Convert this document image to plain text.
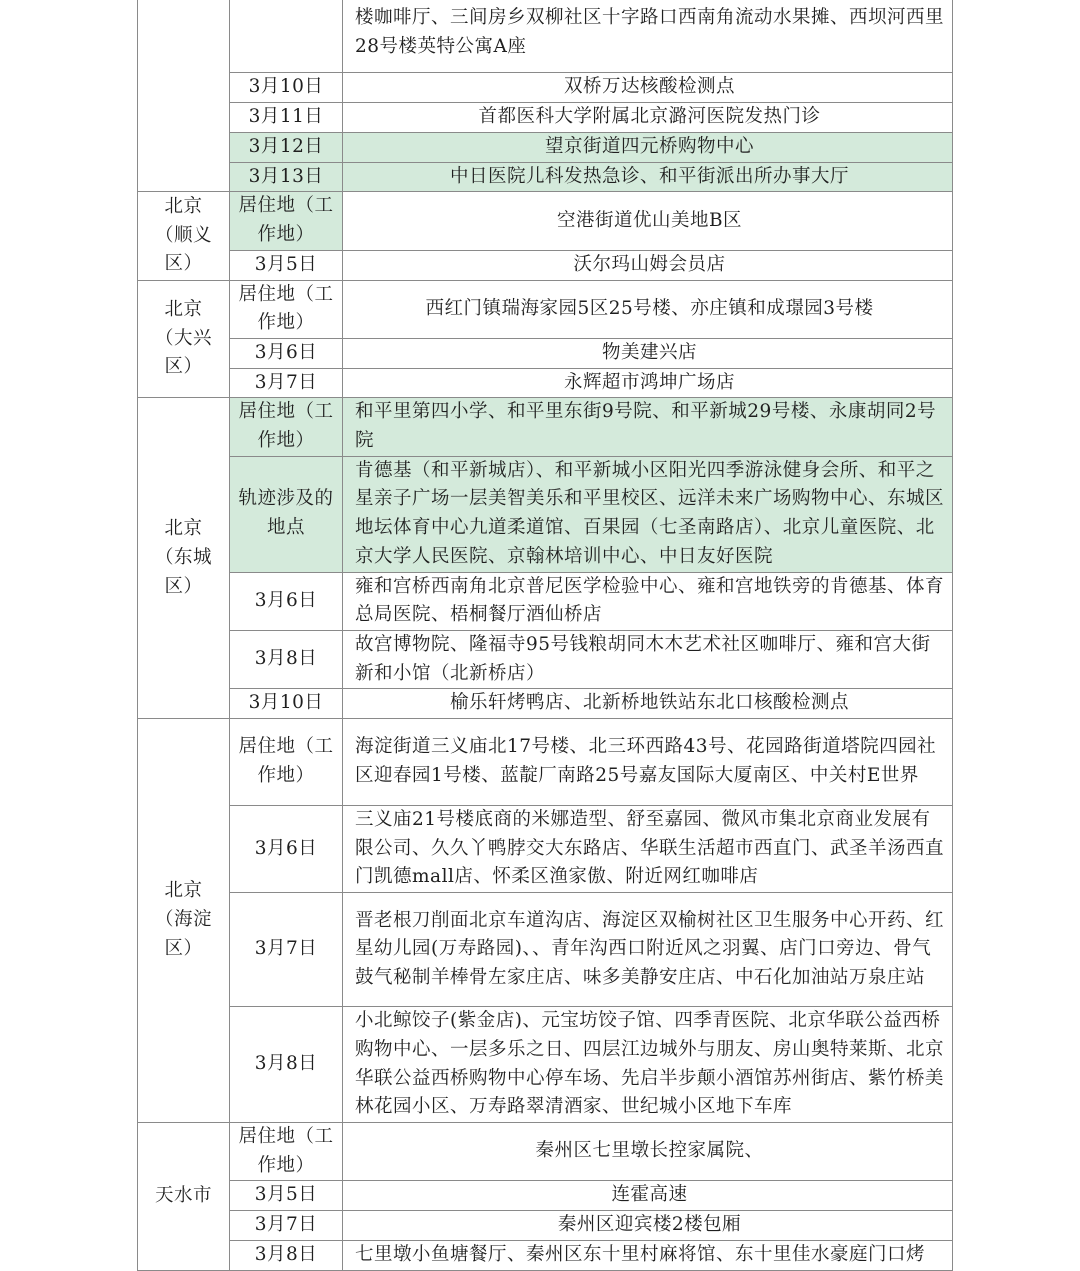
		楼咖啡厅、三间房乡双柳社区十字路口西南角流动水果摊、西坝河西里28号楼英特公寓A座
	3月10日	双桥万达核酸检测点
	3月11日	首都医科大学附属北京潞河医院发热门诊
	3月12日	望京街道四元桥购物中心
	3月13日	中日医院儿科发热急诊、和平街派出所办事大厅
北京（顺义区）	居住地（工作地）	空港街道优山美地B区
	3月5日	沃尔玛山姆会员店
北京（大兴区）	居住地（工作地）	西红门镇瑞海家园5区25号楼、亦庄镇和成璟园3号楼
	3月6日	物美建兴店
	3月7日	永辉超市鸿坤广场店
北京（东城区）	居住地（工作地）	和平里第四小学、和平里东街9号院、和平新城29号楼、永康胡同2号院
	轨迹涉及的地点	肯德基（和平新城店）、和平新城小区阳光四季游泳健身会所、和平之星亲子广场一层美智美乐和平里校区、远洋未来广场购物中心、东城区地坛体育中心九道柔道馆、百果园（七圣南路店）、北京儿童医院、北京大学人民医院、京翰林培训中心、中日友好医院
	3月6日	雍和宫桥西南角北京普尼医学检验中心、雍和宫地铁旁的肯德基、体育总局医院、梧桐餐厅酒仙桥店
	3月8日	故宫博物院、隆福寺95号钱粮胡同木木艺术社区咖啡厅、雍和宫大街新和小馆（北新桥店）
	3月10日	榆乐轩烤鸭店、北新桥地铁站东北口核酸检测点
北京（海淀区）	居住地（工作地）	海淀街道三义庙北17号楼、北三环西路43号、花园路街道塔院四园社区迎春园1号楼、蓝靛厂南路25号嘉友国际大厦南区、中关村E世界
	3月6日	三义庙21号楼底商的米娜造型、舒至嘉园、微风市集北京商业发展有限公司、久久丫鸭脖交大东路店、华联生活超市西直门、武圣羊汤西直门凯德mall店、怀柔区渔家傲、附近网红咖啡店
	3月7日	晋老根刀削面北京车道沟店、海淀区双榆树社区卫生服务中心开药、红星幼儿园(万寿路园)、、青年沟西口附近风之羽翼、店门口旁边、骨气鼓气秘制羊棒骨左家庄店、味多美静安庄店、中石化加油站万泉庄站
	3月8日	小北鲸饺子(紫金店)、元宝坊饺子馆、四季青医院、北京华联公益西桥购物中心、一层多乐之日、四层江边城外与朋友、房山奥特莱斯、北京华联公益西桥购物中心停车场、先启半步颠小酒馆苏州街店、紫竹桥美林花园小区、万寿路翠清酒家、世纪城小区地下车库
天水市	居住地（工作地）	秦州区七里墩长控家属院、
	3月5日	连霍高速
	3月7日	秦州区迎宾楼2楼包厢
	3月8日	七里墩小鱼塘餐厅、秦州区东十里村麻将馆、东十里佳水豪庭门口烤
